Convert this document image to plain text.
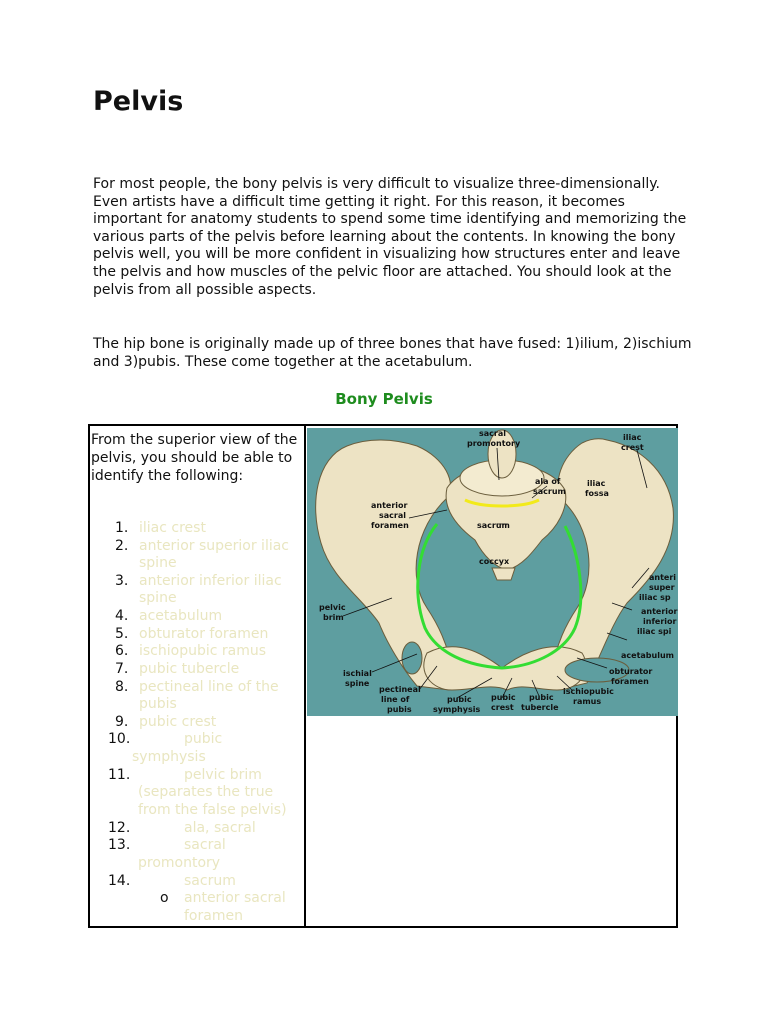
Pelvis

For most people, the bony pelvis is very difficult to visualize three-dimensionally. Even artists have a difficult time getting it right. For this reason, it becomes important for anatomy students to spend some time identifying and memorizing the various parts of the pelvis before learning about the contents. In knowing the bony pelvis well, you will be more confident in visualizing how structures enter and leave the pelvis and how muscles of the pelvic floor are attached. You should look at the pelvis from all possible aspects.

The hip bone is originally made up of three bones that have fused: 1)ilium, 2)ischium and 3)pubis. These come together at the acetabulum.

Bony Pelvis
From the superior view of the pelvis, you should be able to identify the following:
1. iliac crest
2. anterior superior iliac
spine
3. anterior inferior iliac
spine
4. acetabulum
5. obturator foramen
6. ischiopubic ramus
7. pubic tubercle
8. pectineal line of the
pubis
9. pubic crest
10.	pubic
symphysis
11.	pelvic brim
(separates the true
from the false pelvis)
12.	ala, sacral
13.	sacral
promontory
14.	sacrum
o anterior sacral
foramen
sacral
promontory
iliac
crest
ala of
sacrum
iliac
fossa
anterior
sacral
foramen	sacrum
coccyx
anteri
super
iliac sp
pelvic
brim
anterior
inferior
iliac spi
acetabulum
obturator
foramen
ischial
spine
pectineal
line of
pubis
pubic
symphysis
pubic
crest
pubic
tubercle
ischiopubic
ramus
